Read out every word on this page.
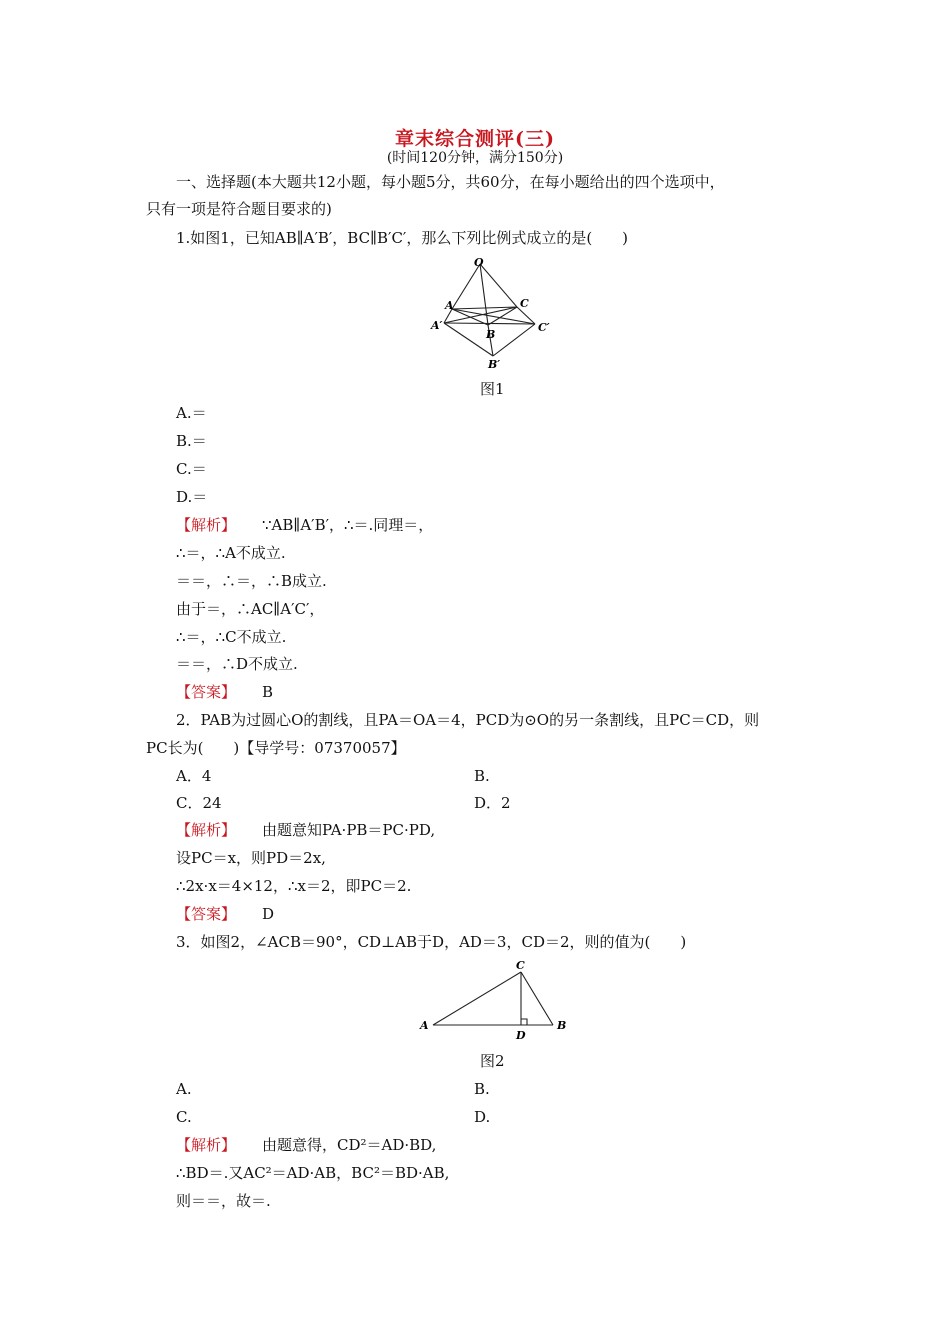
章末综合测评(三)
(时间120分钟，满分150分)
一、选择题(本大题共12小题，每小题5分，共60分，在每小题给出的四个选项中，
只有一项是符合题目要求的)
1.如图1，已知AB∥A′B′，BC∥B′C′，那么下列比例式成立的是(　　)
O
A	C
A′
B
C′
B′
图1
A.＝
B.＝
C.＝
D.＝
【解析】 ∵AB∥A′B′，∴＝.同理＝，
∴＝，∴A不成立.
＝＝，∴＝，∴B成立.
由于＝，∴AC∥A′C′，
∴＝，∴C不成立.
＝＝，∴D不成立.
【答案】 B
2．PAB为过圆心O的割线，且PA＝OA＝4，PCD为⊙O的另一条割线，且PC＝CD，则
PC长为(　　)【导学号：07370057】
A．4	B.
C．24	D．2
【解析】 由题意知PA·PB＝PC·PD,
设PC＝x，则PD＝2x,
∴2x·x＝4×12，∴x＝2，即PC＝2.
【答案】 D
3．如图2，∠ACB＝90°，CD⊥AB于D，AD＝3，CD＝2，则的值为(　　)
C
A
D
B
图2
A.	B.
C.	D.
【解析】 由题意得，CD²＝AD·BD,
∴BD＝.又AC²＝AD·AB，BC²＝BD·AB,
则＝＝，故＝.
